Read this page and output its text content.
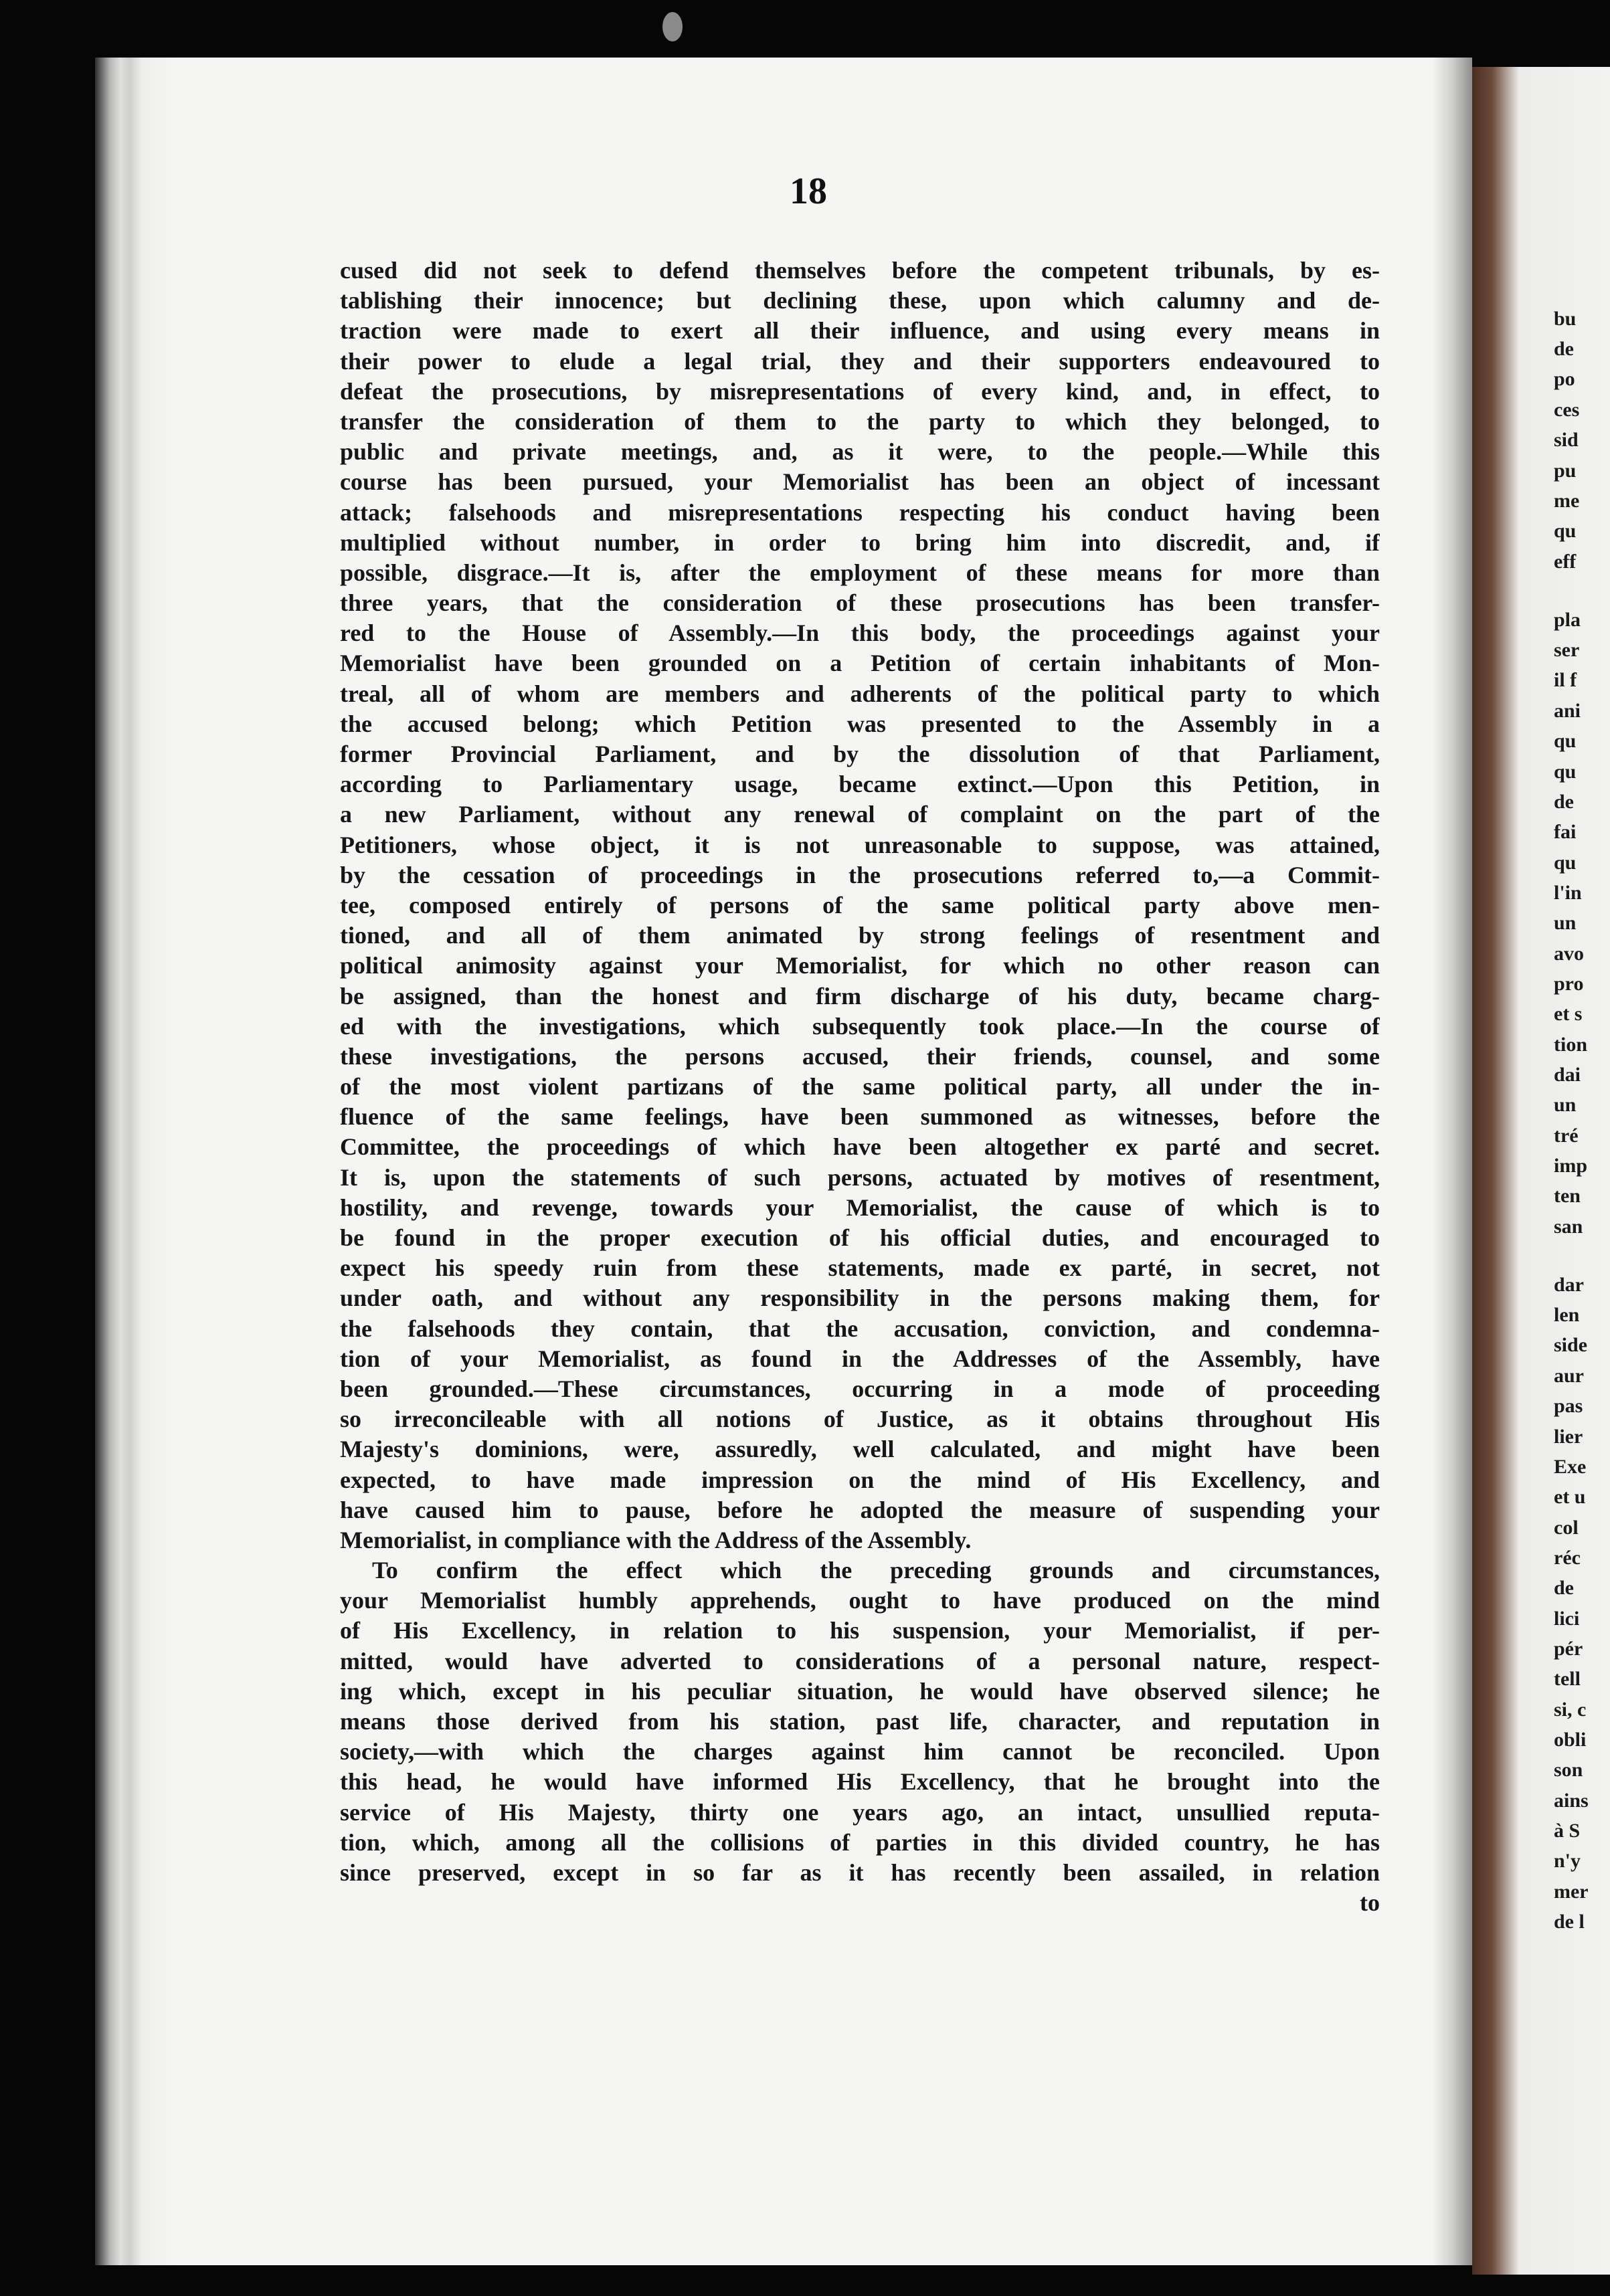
bu
de
po
ces
sid
pu
me
qu
eff
pla
ser
il f
ani
qu
qu
de
fai
qu
l'in
un
avo
pro
et s
tion
dai
un
tré
imp
ten
san
dar
len
side
aur
pas
lier
Exe
et u
col
réc
de
lici
pér
tell
si, c
obli
son
ains
à S
n'y
mer
de l
18
cused did not seek to defend themselves before the competent tribunals, by es-
tablishing their innocence; but declining these, upon which calumny and de-
traction were made to exert all their influence, and using every means in
their power to elude a legal trial, they and their supporters endeavoured to
defeat the prosecutions, by misrepresentations of every kind, and, in effect, to
transfer the consideration of them to the party to which they belonged, to
public and private meetings, and, as it were, to the people.—While this
course has been pursued, your Memorialist has been an object of incessant
attack; falsehoods and misrepresentations respecting his conduct having been
multiplied without number, in order to bring him into discredit, and, if
possible, disgrace.—It is, after the employment of these means for more than
three years, that the consideration of these prosecutions has been transfer-
red to the House of Assembly.—In this body, the proceedings against your
Memorialist have been grounded on a Petition of certain inhabitants of Mon-
treal, all of whom are members and adherents of the political party to which
the accused belong; which Petition was presented to the Assembly in a
former Provincial Parliament, and by the dissolution of that Parliament,
according to Parliamentary usage, became extinct.—Upon this Petition, in
a new Parliament, without any renewal of complaint on the part of the
Petitioners, whose object, it is not unreasonable to suppose, was attained,
by the cessation of proceedings in the prosecutions referred to,—a Commit-
tee, composed entirely of persons of the same political party above men-
tioned, and all of them animated by strong feelings of resentment and
political animosity against your Memorialist, for which no other reason can
be assigned, than the honest and firm discharge of his duty, became charg-
ed with the investigations, which subsequently took place.—In the course of
these investigations, the persons accused, their friends, counsel, and some
of the most violent partizans of the same political party, all under the in-
fluence of the same feelings, have been summoned as witnesses, before the
Committee, the proceedings of which have been altogether ex parté and secret.
It is, upon the statements of such persons, actuated by motives of resentment,
hostility, and revenge, towards your Memorialist, the cause of which is to
be found in the proper execution of his official duties, and encouraged to
expect his speedy ruin from these statements, made ex parté, in secret, not
under oath, and without any responsibility in the persons making them, for
the falsehoods they contain, that the accusation, conviction, and condemna-
tion of your Memorialist, as found in the Addresses of the Assembly, have
been grounded.—These circumstances, occurring in a mode of proceeding
so irreconcileable with all notions of Justice, as it obtains throughout His
Majesty's dominions, were, assuredly, well calculated, and might have been
expected, to have made impression on the mind of His Excellency, and
have caused him to pause, before he adopted the measure of suspending your
Memorialist, in compliance with the Address of the Assembly.
To confirm the effect which the preceding grounds and circumstances,
your Memorialist humbly apprehends, ought to have produced on the mind
of His Excellency, in relation to his suspension, your Memorialist, if per-
mitted, would have adverted to considerations of a personal nature, respect-
ing which, except in his peculiar situation, he would have observed silence; he
means those derived from his station, past life, character, and reputation in
society,—with which the charges against him cannot be reconciled. Upon
this head, he would have informed His Excellency, that he brought into the
service of His Majesty, thirty one years ago, an intact, unsullied reputa-
tion, which, among all the collisions of parties in this divided country, he has
since preserved, except in so far as it has recently been assailed, in relation
to
